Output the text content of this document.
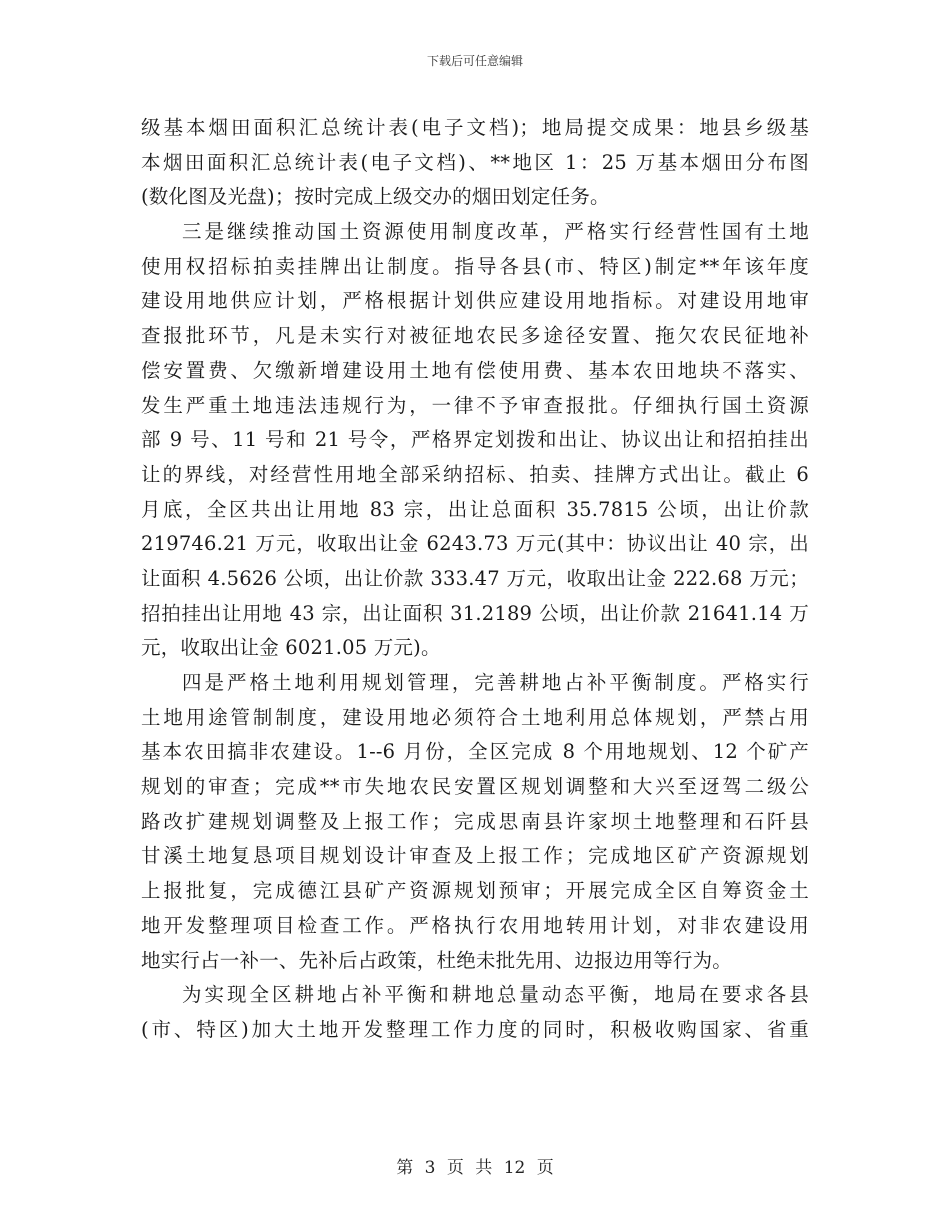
下载后可任意编辑
级基本烟田面积汇总统计表(电子文档)；地局提交成果：地县乡级基
本烟田面积汇总统计表(电子文档)、**地区 1：25 万基本烟田分布图
(数化图及光盘)；按时完成上级交办的烟田划定任务。
三是继续推动国土资源使用制度改革，严格实行经营性国有土地
使用权招标拍卖挂牌出让制度。指导各县(市、特区)制定**年该年度
建设用地供应计划，严格根据计划供应建设用地指标。对建设用地审
查报批环节，凡是未实行对被征地农民多途径安置、拖欠农民征地补
偿安置费、欠缴新增建设用土地有偿使用费、基本农田地块不落实、
发生严重土地违法违规行为，一律不予审查报批。仔细执行国土资源
部 9 号、11 号和 21 号令，严格界定划拨和出让、协议出让和招拍挂出
让的界线，对经营性用地全部采纳招标、拍卖、挂牌方式出让。截止 6
月底，全区共出让用地 83 宗，出让总面积 35.7815 公顷，出让价款
219746.21 万元，收取出让金 6243.73 万元(其中：协议出让 40 宗，出
让面积 4.5626 公顷，出让价款 333.47 万元，收取出让金 222.68 万元；
招拍挂出让用地 43 宗，出让面积 31.2189 公顷，出让价款 21641.14 万
元，收取出让金 6021.05 万元)。
四是严格土地利用规划管理，完善耕地占补平衡制度。严格实行
土地用途管制制度，建设用地必须符合土地利用总体规划，严禁占用
基本农田搞非农建设。1--6 月份，全区完成 8 个用地规划、12 个矿产
规划的审查；完成**市失地农民安置区规划调整和大兴至迓驾二级公
路改扩建规划调整及上报工作；完成思南县许家坝土地整理和石阡县
甘溪土地复恳项目规划设计审查及上报工作；完成地区矿产资源规划
上报批复，完成德江县矿产资源规划预审；开展完成全区自筹资金土
地开发整理项目检查工作。严格执行农用地转用计划，对非农建设用
地实行占一补一、先补后占政策，杜绝未批先用、边报边用等行为。
为实现全区耕地占补平衡和耕地总量动态平衡，地局在要求各县
(市、特区)加大土地开发整理工作力度的同时，积极收购国家、省重
第 3 页 共 12 页
